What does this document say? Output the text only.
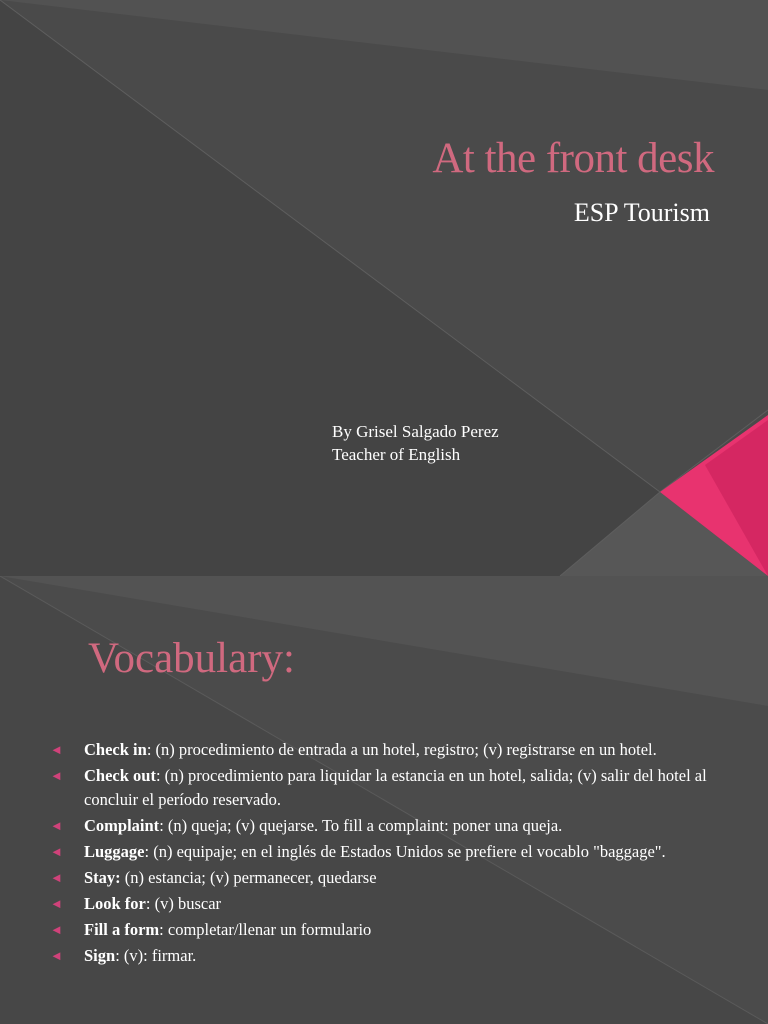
At the front desk
ESP Tourism
By Grisel Salgado Perez
Teacher of English
Vocabulary:
◄ Check in: (n) procedimiento de entrada a un hotel, registro; (v) registrarse en un hotel.
◄ Check out: (n) procedimiento para liquidar la estancia en un hotel, salida; (v) salir del hotel al concluir el período reservado.
◄ Complaint: (n) queja; (v) quejarse. To fill a complaint: poner una queja.
◄ Luggage: (n) equipaje; en el inglés de Estados Unidos se prefiere el vocablo "baggage".
◄ Stay: (n) estancia; (v) permanecer, quedarse
◄ Look for: (v) buscar
◄ Fill a form: completar/llenar un formulario
◄ Sign: (v): firmar.
